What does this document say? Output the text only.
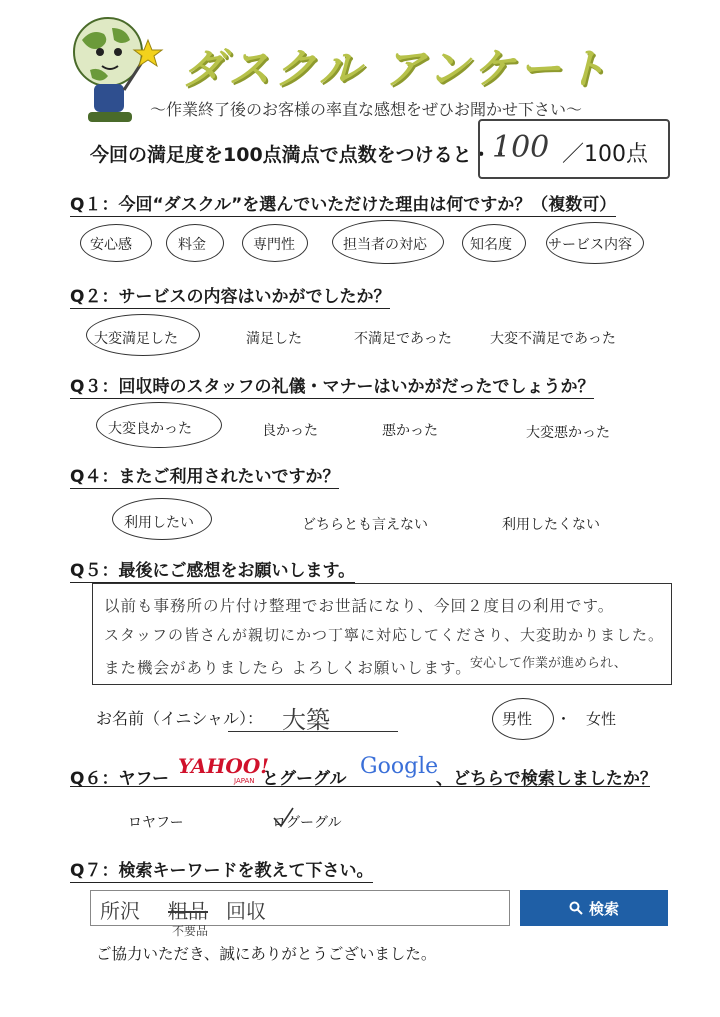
ダスクル アンケート
～作業終了後のお客様の率直な感想をぜひお聞かせ下さい～
今回の満足度を100点満点で点数をつけると・・
100 ／100点
Q１：今回“ダスクル”を選んでいただけた理由は何ですか？（複数可）
安心感	料金	専門性	担当者の対応	知名度	サービス内容
Q２：サービスの内容はいかがでしたか？
大変満足した	満足した	不満足であった	大変不満足であった
Q３：回収時のスタッフの礼儀・マナーはいかがだったでしょうか？
大変良かった	良かった	悪かった	大変悪かった
Q４：またご利用されたいですか？
利用したい	どちらとも言えない	利用したくない
Q５：最後にご感想をお願いします。
以前も事務所の片付け整理でお世話になり、今回２度目の利用です。
スタッフの皆さんが親切にかつ丁寧に対応してくださり、大変助かりました。
また機会がありましたら よろしくお願いします。
安心して作業が進められ、
お名前（イニシャル）： 大築	男性 ・ 女性
Q６：ヤフー
YAHOO!
JAPAN とグーグル Google
、どちらで検索しましたか？
ロヤフー	ログーグル
Q７：検索キーワードを教えて下さい。
所沢 粗品 回収
不要品
検索
ご協力いただき、誠にありがとうございました。
